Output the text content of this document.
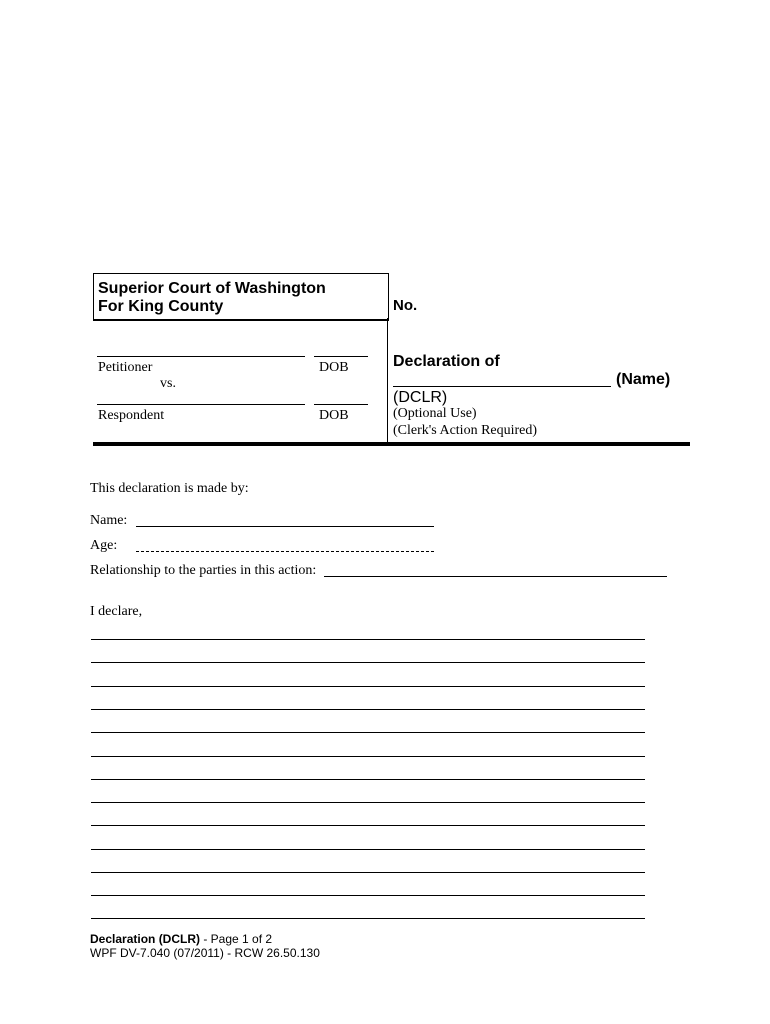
Superior Court of Washington
For King County	No.
Petitioner	DOB
vs.
Respondent	DOB
Declaration of
(Name)
(DCLR)
(Optional Use)
(Clerk's Action Required)
This declaration is made by:
Name:
Age:
Relationship to the parties in this action:
I declare,
Declaration (DCLR) - Page 1 of 2
WPF DV-7.040 (07/2011) - RCW 26.50.130
